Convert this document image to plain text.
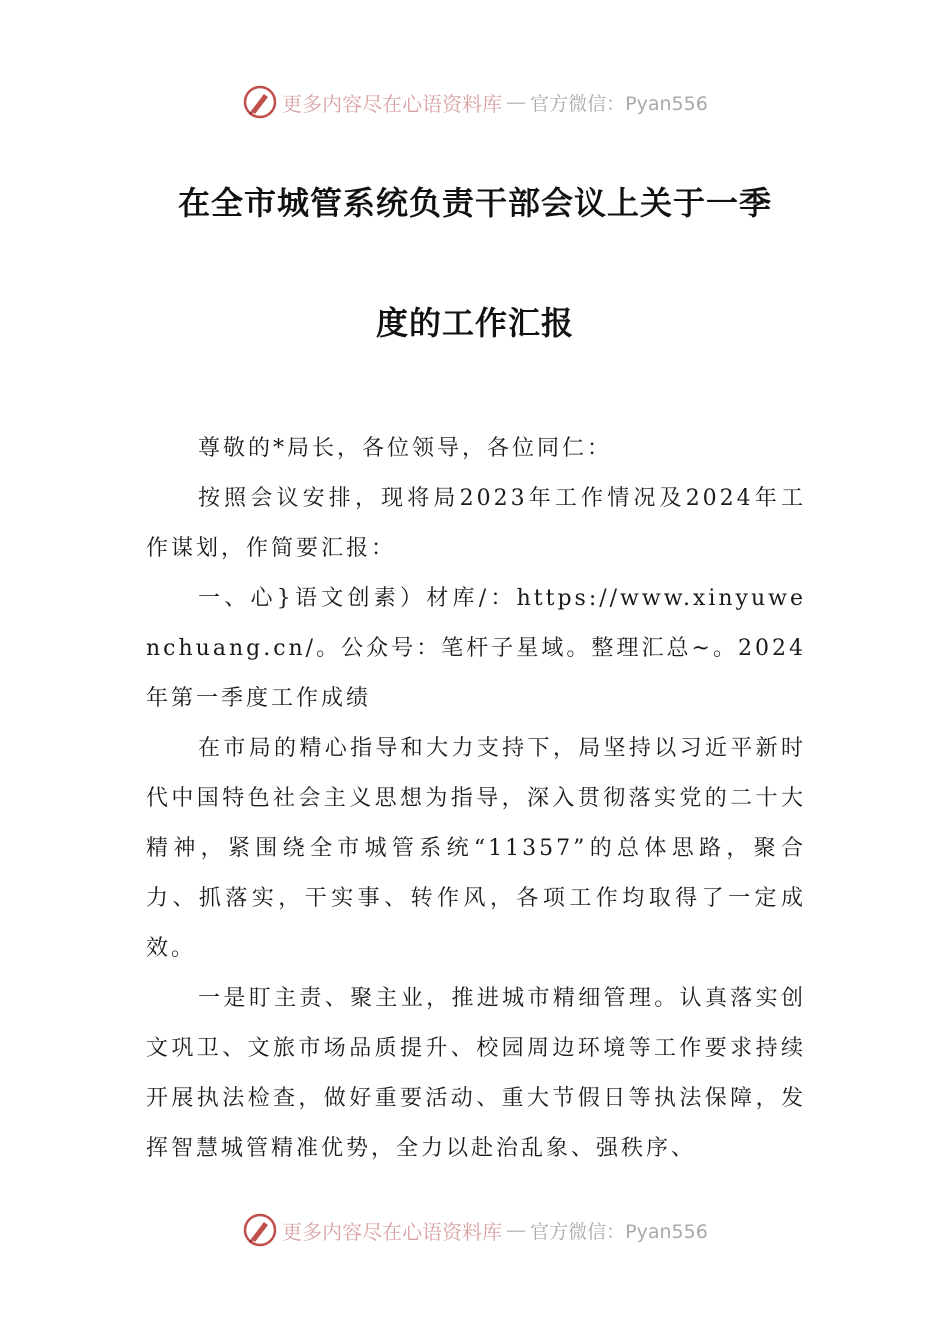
更多内容尽在心语资料库 — 官方微信：Pyan556
在全市城管系统负责干部会议上关于一季
度的工作汇报

尊敬的*局长，各位领导，各位同仁：

按照会议安排，现将局2023年工作情况及2024年工作谋划，作简要汇报：

一、心}语文创素）材库/：https://www.xinyuwenchuang.cn/。公众号：笔杆子星域。整理汇总~。2024年第一季度工作成绩

在市局的精心指导和大力支持下，局坚持以习近平新时代中国特色社会主义思想为指导，深入贯彻落实党的二十大精神，紧围绕全市城管系统“11357”的总体思路，聚合力、抓落实，干实事、转作风，各项工作均取得了一定成效。

一是盯主责、聚主业，推进城市精细管理。认真落实创文巩卫、文旅市场品质提升、校园周边环境等工作要求持续开展执法检查，做好重要活动、重大节假日等执法保障，发挥智慧城管精准优势，全力以赴治乱象、强秩序、

更多内容尽在心语资料库 — 官方微信：Pyan556
